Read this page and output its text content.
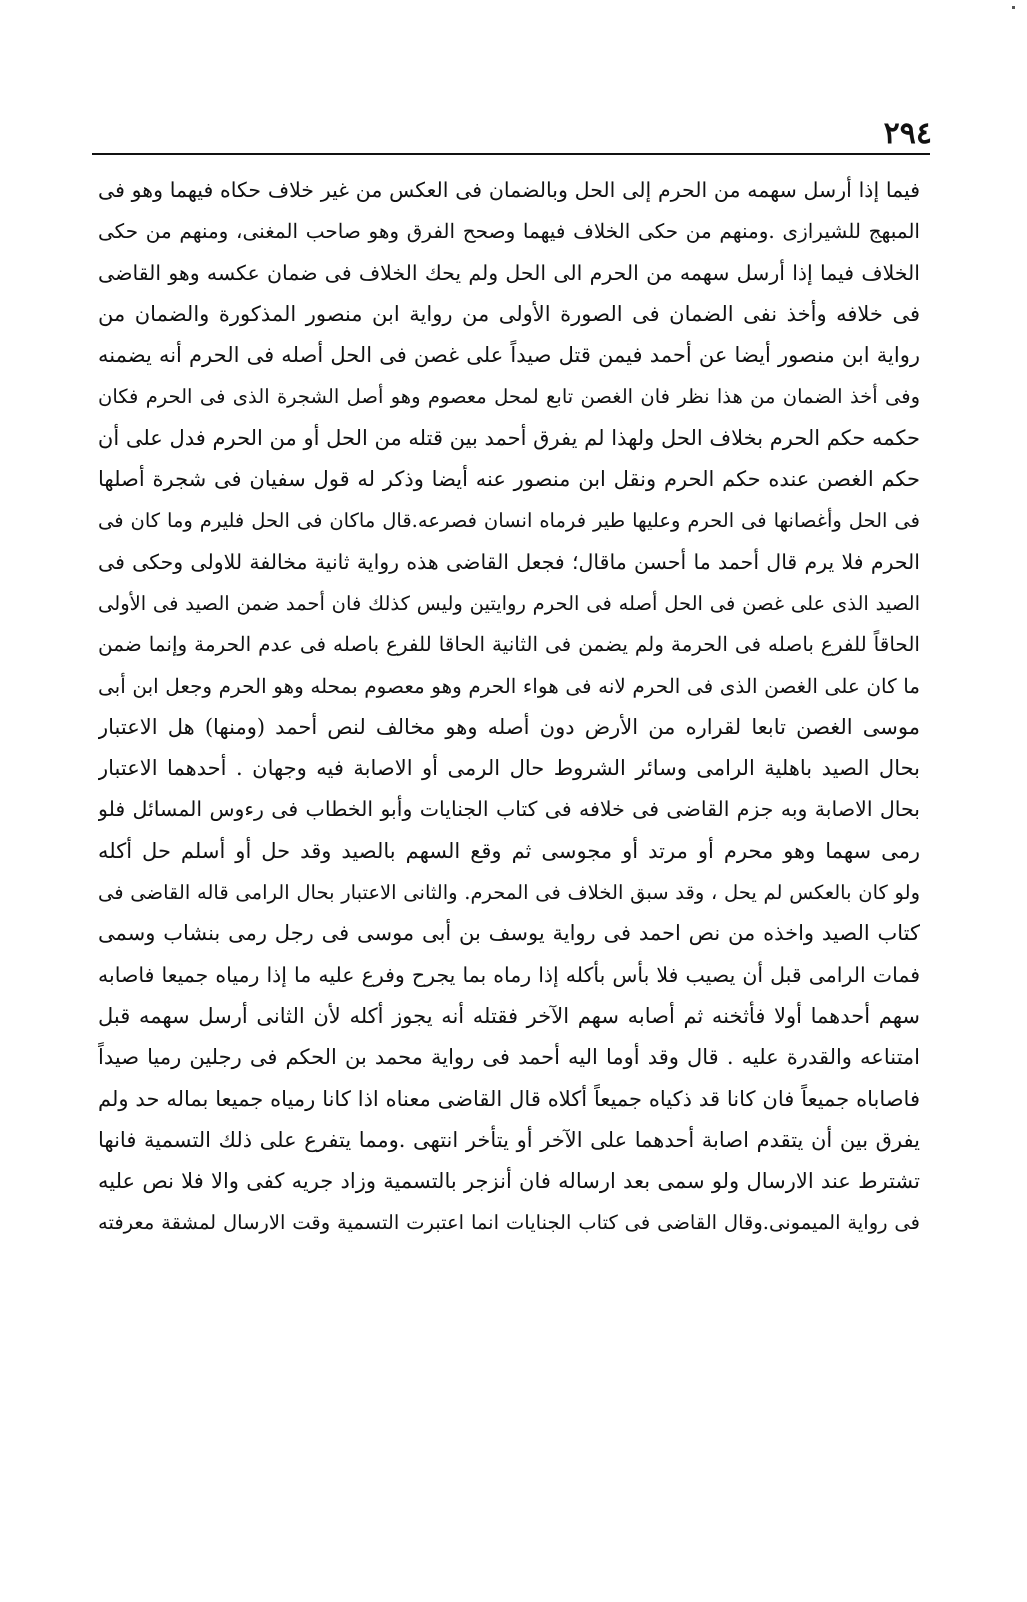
٢٩٤
فيما إذا أرسل سهمه من الحرم إلى الحل وبالضمان فى العكس من غير خلاف حكاه فيهما وهو فى
المبهج للشيرازى .ومنهم من حكى الخلاف فيهما وصحح الفرق وهو صاحب المغنى، ومنهم من حكى
الخلاف فيما إذا أرسل سهمه من الحرم الى الحل ولم يحك الخلاف فى ضمان عكسه وهو القاضى
فى خلافه وأخذ نفى الضمان فى الصورة الأولى من رواية ابن منصور المذكورة والضمان من
رواية ابن منصور أيضا عن أحمد فيمن قتل صيداً على غصن فى الحل أصله فى الحرم أنه يضمنه
وفى أخذ الضمان من هذا نظر فان الغصن تابع لمحل معصوم وهو أصل الشجرة الذى فى الحرم فكان
حكمه حكم الحرم بخلاف الحل ولهذا لم يفرق أحمد بين قتله من الحل أو من الحرم فدل على أن
حكم الغصن عنده حكم الحرم ونقل ابن منصور عنه أيضا وذكر له قول سفيان فى شجرة أصلها
فى الحل وأغصانها فى الحرم وعليها طير فرماه انسان فصرعه.قال ماكان فى الحل فليرم وما كان فى
الحرم فلا يرم قال أحمد ما أحسن ماقال؛ فجعل القاضى هذه رواية ثانية مخالفة للاولى وحكى فى
الصيد الذى على غصن فى الحل أصله فى الحرم روايتين وليس كذلك فان أحمد ضمن الصيد فى الأولى
الحاقاً للفرع باصله فى الحرمة ولم يضمن فى الثانية الحاقا للفرع باصله فى عدم الحرمة وإنما ضمن
ما كان على الغصن الذى فى الحرم لانه فى هواء الحرم وهو معصوم بمحله وهو الحرم وجعل ابن أبى
موسى الغصن تابعا لقراره من الأرض دون أصله وهو مخالف لنص أحمد (ومنها) هل الاعتبار
بحال الصيد باهلية الرامى وسائر الشروط حال الرمى أو الاصابة فيه وجهان . أحدهما الاعتبار
بحال الاصابة وبه جزم القاضى فى خلافه فى كتاب الجنايات وأبو الخطاب فى رءوس المسائل فلو
رمى سهما وهو محرم أو مرتد أو مجوسى ثم وقع السهم بالصيد وقد حل أو أسلم حل أكله
ولو كان بالعكس لم يحل ، وقد سبق الخلاف فى المحرم. والثانى الاعتبار بحال الرامى قاله القاضى فى
كتاب الصيد واخذه من نص احمد فى رواية يوسف بن أبى موسى فى رجل رمى بنشاب وسمى
فمات الرامى قبل أن يصيب فلا بأس بأكله إذا رماه بما يجرح وفرع عليه ما إذا رمياه جميعا فاصابه
سهم أحدهما أولا فأثخنه ثم أصابه سهم الآخر فقتله أنه يجوز أكله لأن الثانى أرسل سهمه قبل
امتناعه والقدرة عليه . قال وقد أوما اليه أحمد فى رواية محمد بن الحكم فى رجلين رميا صيداً
فاصاباه جميعاً فان كانا قد ذكياه جميعاً أكلاه قال القاضى معناه اذا كانا رمياه جميعا بماله حد ولم
يفرق بين أن يتقدم اصابة أحدهما على الآخر أو يتأخر انتهى .ومما يتفرع على ذلك التسمية فانها
تشترط عند الارسال ولو سمى بعد ارساله فان أنزجر بالتسمية وزاد جريه كفى والا فلا نص عليه
فى رواية الميمونى.وقال القاضى فى كتاب الجنايات انما اعتبرت التسمية وقت الارسال لمشقة معرفته
